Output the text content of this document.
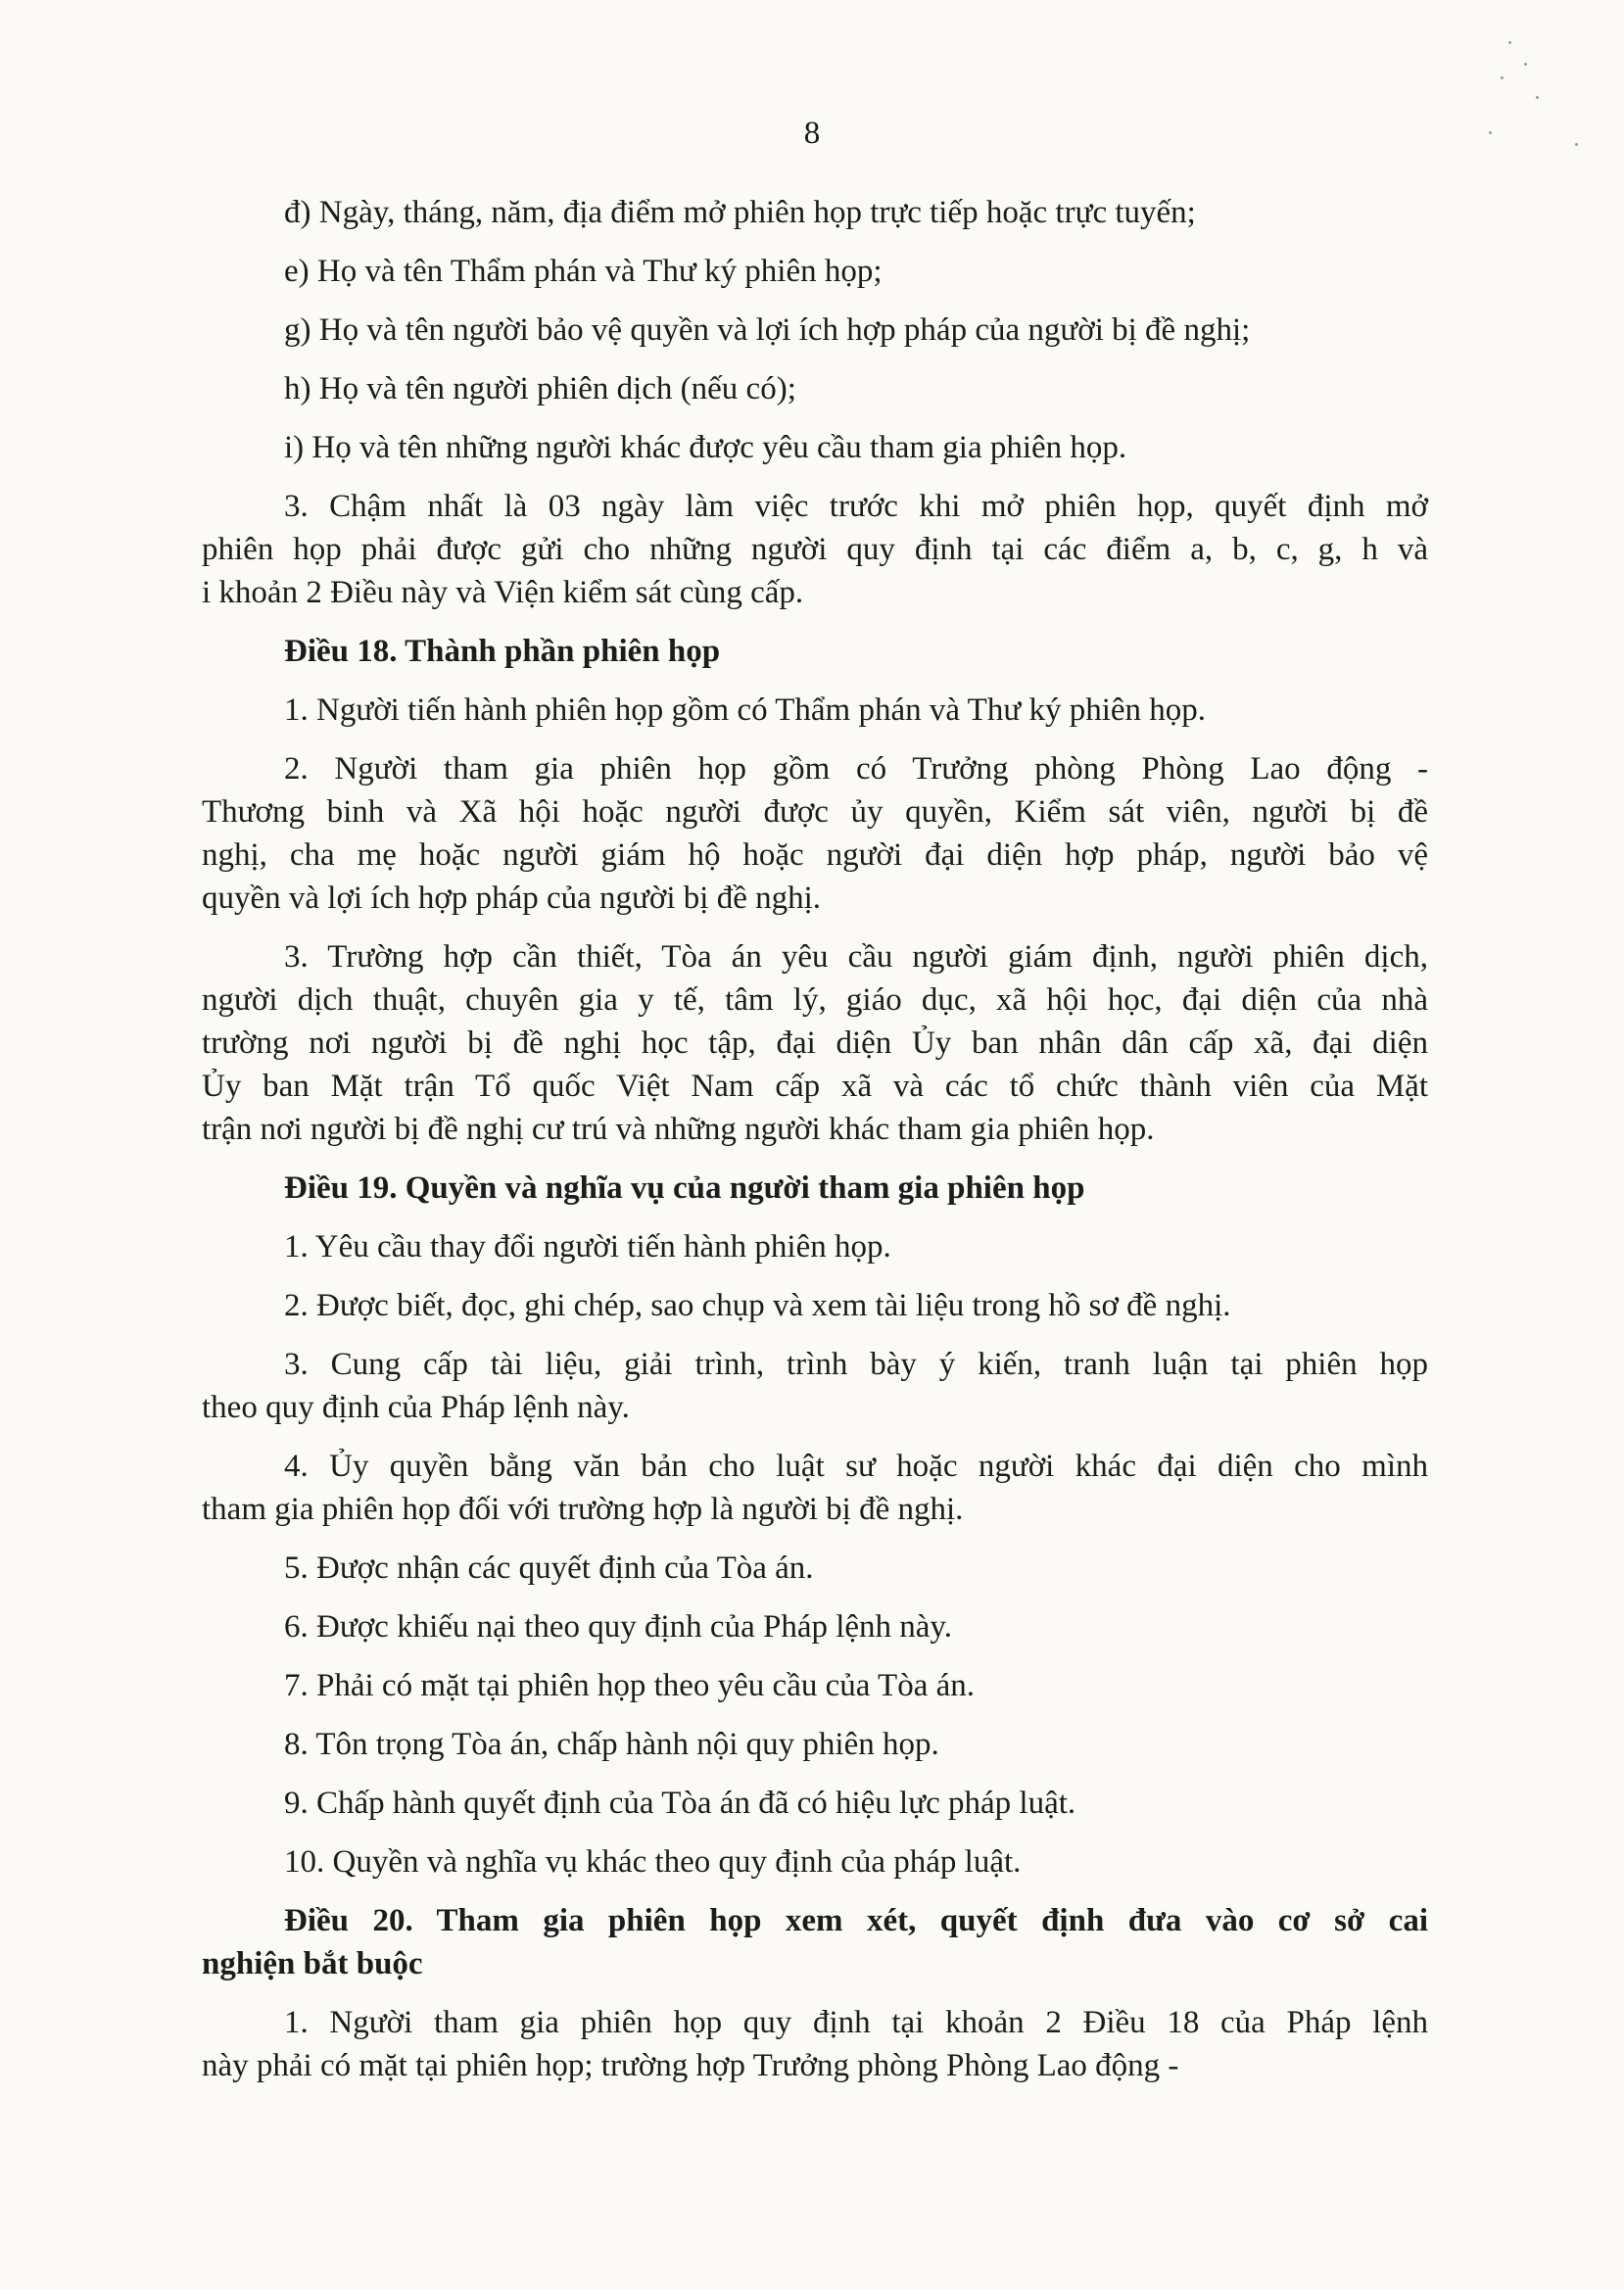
8
đ) Ngày, tháng, năm, địa điểm mở phiên họp trực tiếp hoặc trực tuyến;
e) Họ và tên Thẩm phán và Thư ký phiên họp;
g) Họ và tên người bảo vệ quyền và lợi ích hợp pháp của người bị đề nghị;
h) Họ và tên người phiên dịch (nếu có);
i) Họ và tên những người khác được yêu cầu tham gia phiên họp.
3. Chậm nhất là 03 ngày làm việc trước khi mở phiên họp, quyết định mở
phiên họp phải được gửi cho những người quy định tại các điểm a, b, c, g, h và
i khoản 2 Điều này và Viện kiểm sát cùng cấp.
Điều 18. Thành phần phiên họp
1. Người tiến hành phiên họp gồm có Thẩm phán và Thư ký phiên họp.
2. Người tham gia phiên họp gồm có Trưởng phòng Phòng Lao động -
Thương binh và Xã hội hoặc người được ủy quyền, Kiểm sát viên, người bị đề
nghị, cha mẹ hoặc người giám hộ hoặc người đại diện hợp pháp, người bảo vệ
quyền và lợi ích hợp pháp của người bị đề nghị.
3. Trường hợp cần thiết, Tòa án yêu cầu người giám định, người phiên dịch,
người dịch thuật, chuyên gia y tế, tâm lý, giáo dục, xã hội học, đại diện của nhà
trường nơi người bị đề nghị học tập, đại diện Ủy ban nhân dân cấp xã, đại diện
Ủy ban Mặt trận Tổ quốc Việt Nam cấp xã và các tổ chức thành viên của Mặt
trận nơi người bị đề nghị cư trú và những người khác tham gia phiên họp.
Điều 19. Quyền và nghĩa vụ của người tham gia phiên họp
1. Yêu cầu thay đổi người tiến hành phiên họp.
2. Được biết, đọc, ghi chép, sao chụp và xem tài liệu trong hồ sơ đề nghị.
3. Cung cấp tài liệu, giải trình, trình bày ý kiến, tranh luận tại phiên họp
theo quy định của Pháp lệnh này.
4. Ủy quyền bằng văn bản cho luật sư hoặc người khác đại diện cho mình
tham gia phiên họp đối với trường hợp là người bị đề nghị.
5. Được nhận các quyết định của Tòa án.
6. Được khiếu nại theo quy định của Pháp lệnh này.
7. Phải có mặt tại phiên họp theo yêu cầu của Tòa án.
8. Tôn trọng Tòa án, chấp hành nội quy phiên họp.
9. Chấp hành quyết định của Tòa án đã có hiệu lực pháp luật.
10. Quyền và nghĩa vụ khác theo quy định của pháp luật.
Điều 20. Tham gia phiên họp xem xét, quyết định đưa vào cơ sở cai
nghiện bắt buộc
1. Người tham gia phiên họp quy định tại khoản 2 Điều 18 của Pháp lệnh
này phải có mặt tại phiên họp; trường hợp Trưởng phòng Phòng Lao động -
